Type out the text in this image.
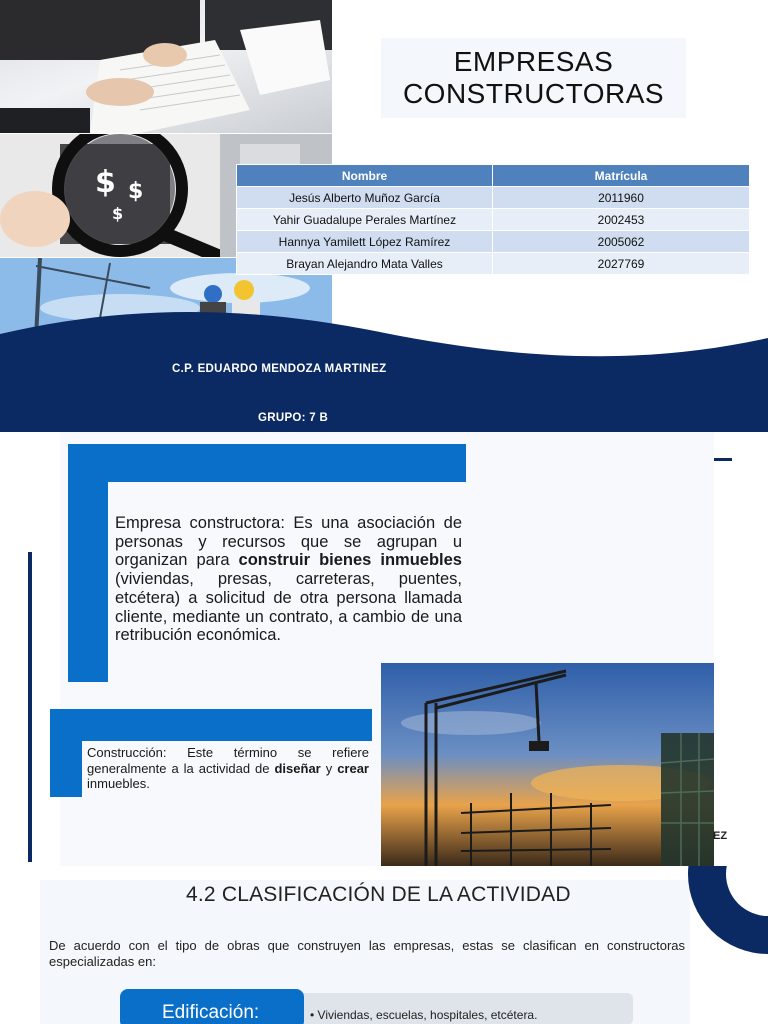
$ $
$
EMPRESAS
CONSTRUCTORAS
Nombre	Matrícula
Jesús Alberto Muñoz García	2011960
Yahir Guadalupe Perales Martínez	2002453
Hannya Yamilett López Ramírez	2005062
Brayan Alejandro Mata Valles	2027769
C.P. EDUARDO MENDOZA MARTINEZ
GRUPO: 7 B

Empresa constructora: Es una asociación de personas y recursos que se agrupan u organizan para construir bienes inmuebles (viviendas, presas, carreteras, puentes, etcétera) a solicitud de otra persona llamada cliente, mediante un contrato, a cambio de una retribución económica.

Construcción: Este término se refiere generalmente a la actividad de diseñar y crear inmuebles.

EZ
4.2 CLASIFICACIÓN DE LA ACTIVIDAD

De acuerdo con el tipo de obras que construyen las empresas, estas se clasifican en constructoras especializadas en:

Edificación:	• Viviendas, escuelas, hospitales, etcétera.
